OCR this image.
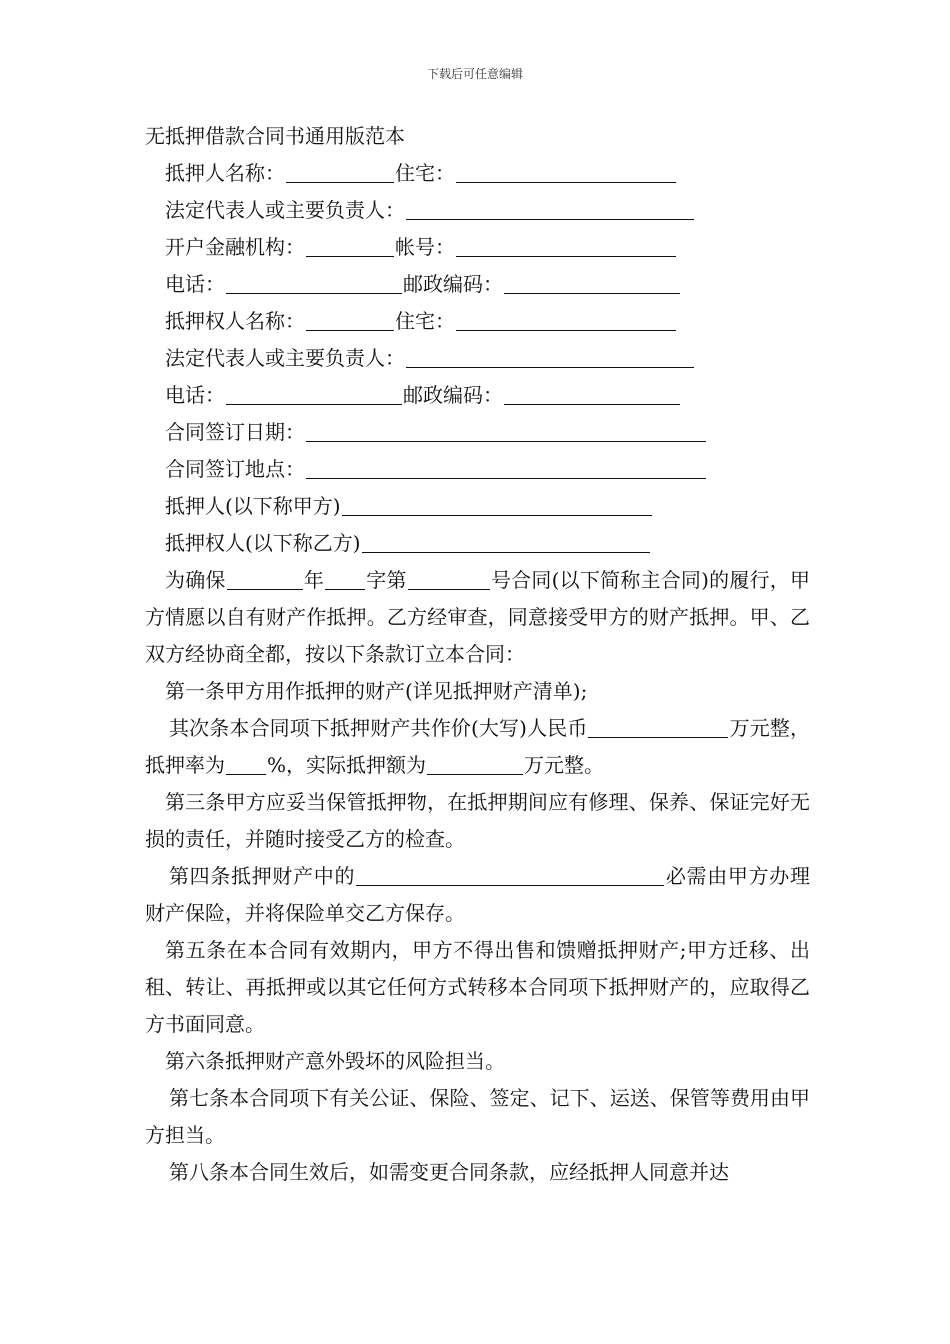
下载后可任意编辑
无抵押借款合同书通用版范本
抵押人名称：	住宅：
法定代表人或主要负责人：
开户金融机构：	帐号：
电话：	邮政编码：
抵押权人名称：	住宅：
法定代表人或主要负责人：
电话：	邮政编码：
合同签订日期：
合同签订地点：
抵押人(以下称甲方)
抵押权人(以下称乙方)
为确保	年 字第	号合同(以下简称主合同)的履行，甲方情愿以自有财产作抵押。乙方经审查，同意接受甲方的财产抵押。甲、乙双方经协商全都，按以下条款订立本合同：
第一条甲方用作抵押的财产(详见抵押财产清单);
其次条本合同项下抵押财产共作价(大写)人民币	万元整，抵押率为 %，实际抵押额为	万元整。
第三条甲方应妥当保管抵押物，在抵押期间应有修理、保养、保证完好无损的责任，并随时接受乙方的检查。
第四条抵押财产中的	必需由甲方办理财产保险，并将保险单交乙方保存。
第五条在本合同有效期内，甲方不得出售和馈赠抵押财产;甲方迁移、出租、转让、再抵押或以其它任何方式转移本合同项下抵押财产的，应取得乙方书面同意。
第六条抵押财产意外毁坏的风险担当。
第七条本合同项下有关公证、保险、签定、记下、运送、保管等费用由甲方担当。
第八条本合同生效后，如需变更合同条款，应经抵押人同意并达
